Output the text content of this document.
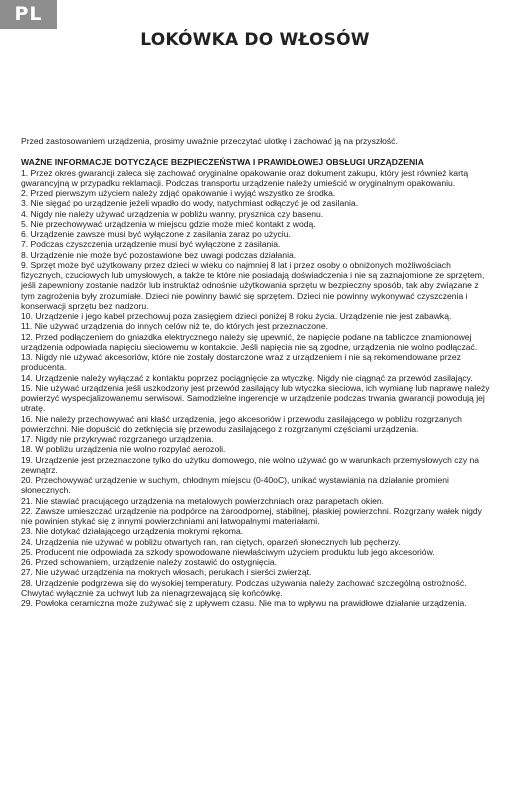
PL
LOKÓWKA DO WŁOSÓW

Przed zastosowaniem urządzenia, prosimy uważnie przeczytać ulotkę i zachować ją na przyszłość.

WAŻNE INFORMACJE DOTYCZĄCE BEZPIECZEŃSTWA I PRAWIDŁOWEJ OBSŁUGI URZĄDZENIA

1. Przez okres gwarancji zaleca się zachować oryginalne opakowanie oraz dokument zakupu, który jest również kartą gwarancyjną w przypadku reklamacji. Podczas transportu urządzenie należy umieścić w oryginalnym opakowaniu.

2. Przed pierwszym użyciem należy zdjąć opakowanie i wyjąć wszystko ze środka.

3. Nie sięgać po urządzenie jeżeli wpadło do wody, natychmiast odłączyć je od zasilania.

4. Nigdy nie należy używać urządzenia w pobliżu wanny, prysznica czy basenu.

5. Nie przechowywać urządzenia w miejscu gdzie może mieć kontakt z wodą.

6. Urządzenie zawsze musi być wyłączone z zasilania zaraz po użyciu.

7. Podczas czyszczenia urządzenie musi być wyłączone z zasilania.

8. Urządzenie nie może być pozostawione bez uwagi podczas działania.

9. Sprzęt może być użytkowany przez dzieci w wieku co najmniej 8 lat i przez osoby o obniżonych możliwościach fizycznych, czuciowych lub umysłowych, a także te które nie posiadają doświadczenia i nie są zaznajomione ze sprzętem, jeśli zapewniony zostanie nadzór lub instruktaż odnośnie użytkowania sprzętu w bezpieczny sposób, tak aby związane z tym zagrożenia były zrozumiałe. Dzieci nie powinny bawić się sprzętem. Dzieci nie powinny wykonywać czyszczenia i konserwacji sprzętu bez nadzoru.

10. Urządzenie i jego kabel przechowuj poza zasięgiem dzieci poniżej 8 roku życia. Urządzenie nie jest zabawką.

11. Nie używać urządzenia do innych celów niż te, do których jest przeznaczone.

12. Przed podłączeniem do gniazdka elektrycznego należy się upewnić, że napięcie podane na tabliczce znamionowej urządzenia odpowiada napięciu sieciowemu w kontakcie. Jeśli napięcia nie są zgodne, urządzenia nie wolno podłączać.

13. Nigdy nie używać akcesoriów, które nie zostały dostarczone wraz z urządzeniem i nie są rekomendowane przez producenta.

14. Urządzenie należy wyłączać z kontaktu poprzez pociągnięcie za wtyczkę. Nigdy nie ciągnąć za przewód zasilający.

15. Nie używać urządzenia jeśli uszkodzony jest przewód zasilający lub wtyczka sieciowa, ich wymianę lub naprawę należy powierzyć wyspecjalizowanemu serwisowi. Samodzielne ingerencje w urządzenie podczas trwania gwarancji powodują jej utratę.

16. Nie należy przechowywać ani kłaść urządzenia, jego akcesoriów i przewodu zasilającego w pobliżu rozgrzanych powierzchni. Nie dopuścić do zetknięcia się przewodu zasilającego z rozgrzanymi częściami urządzenia.

17. Nigdy nie przykrywać rozgrzanego urządzenia.

18. W pobliżu urządzenia nie wolno rozpylać aerozoli.

19. Urządzenie jest przeznaczone tylko do użytku domowego, nie wolno używać go w warunkach przemysłowych czy na zewnątrz.

20. Przechowywać urządzenie w suchym, chłodnym miejscu (0-40oC), unikać wystawiania na działanie promieni słonecznych.

21. Nie stawiać pracującego urządzenia na metalowych powierzchniach oraz parapetach okien.

22. Zawsze umieszczać urządzenie na podpórce na żaroodpornej, stabilnej, płaskiej powierzchni. Rozgrzany wałek nigdy nie powinien stykać się z innymi powierzchniami ani łatwopalnymi materiałami.

23. Nie dotykać działającego urządzenia mokrymi rękoma.

24. Urządzenia nie używać w pobliżu otwartych ran, ran ciętych, oparzeń słonecznych lub pęcherzy.

25. Producent nie odpowiada za szkody spowodowane niewłaściwym użyciem produktu lub jego akcesoriów.

26. Przed schowaniem, urządzenie należy zostawić do ostygnięcia.

27. Nie używać urządzenia na mokrych włosach, perukach i sierści zwierząt.

28. Urządzenie podgrzewa się do wysokiej temperatury. Podczas używania należy zachować szczególną ostrożność. Chwytać wyłącznie za uchwyt lub za nienagrzewającą się końcówkę.

29. Powłoka ceramiczna może zużywać się z upływem czasu. Nie ma to wpływu na prawidłowe działanie urządzenia.
